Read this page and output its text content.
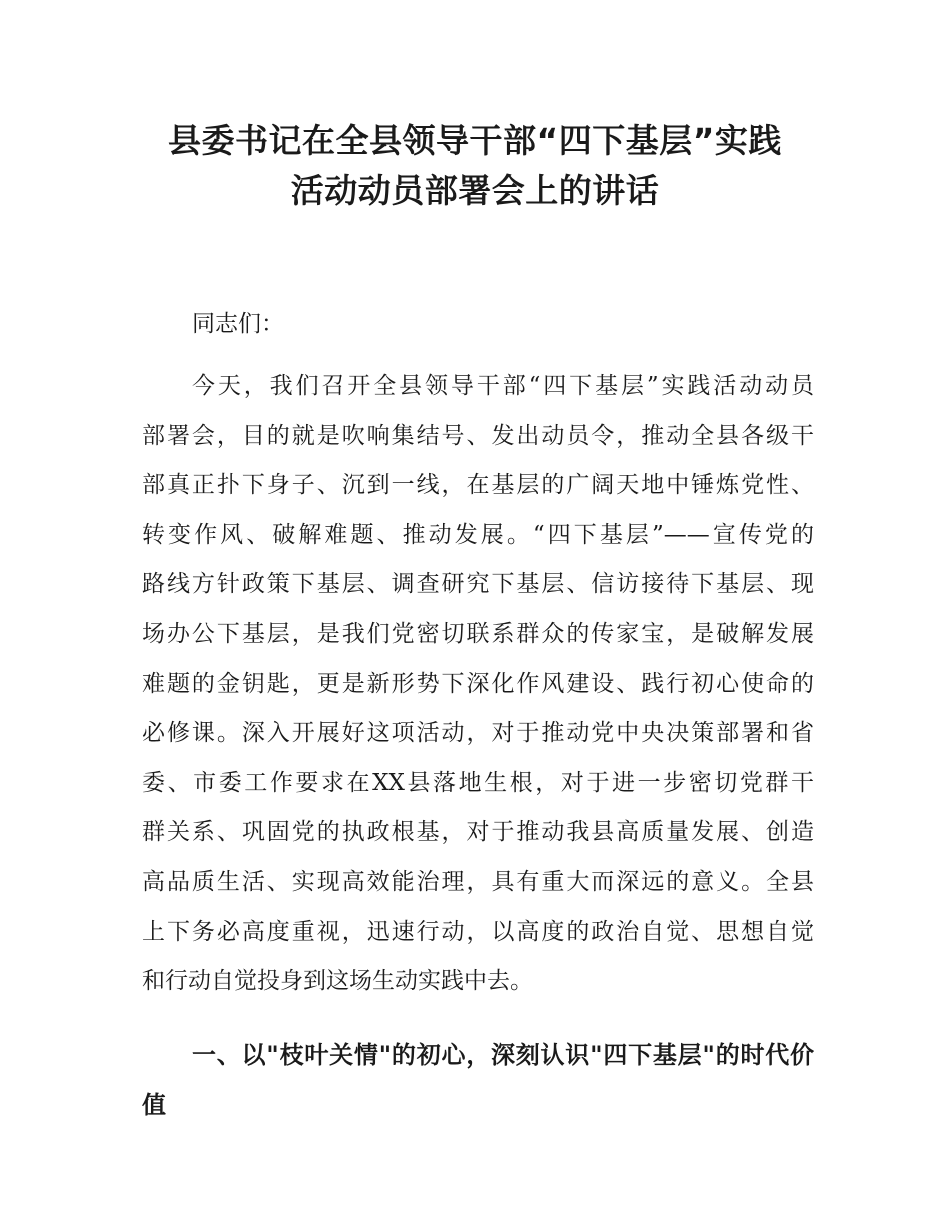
县委书记在全县领导干部“四下基层”实践
活动动员部署会上的讲话

同志们：

今天，我们召开全县领导干部“四下基层”实践活动动员
部署会，目的就是吹响集结号、发出动员令，推动全县各级干
部真正扑下身子、沉到一线，在基层的广阔天地中锤炼党性、
转变作风、破解难题、推动发展。“四下基层”——宣传党的
路线方针政策下基层、调查研究下基层、信访接待下基层、现
场办公下基层，是我们党密切联系群众的传家宝，是破解发展
难题的金钥匙，更是新形势下深化作风建设、践行初心使命的
必修课。深入开展好这项活动，对于推动党中央决策部署和省
委、市委工作要求在XX县落地生根，对于进一步密切党群干
群关系、巩固党的执政根基，对于推动我县高质量发展、创造
高品质生活、实现高效能治理，具有重大而深远的意义。全县
上下务必高度重视，迅速行动，以高度的政治自觉、思想自觉
和行动自觉投身到这场生动实践中去。
一、以"枝叶关情"的初心，深刻认识"四下基层"的时代价
值
